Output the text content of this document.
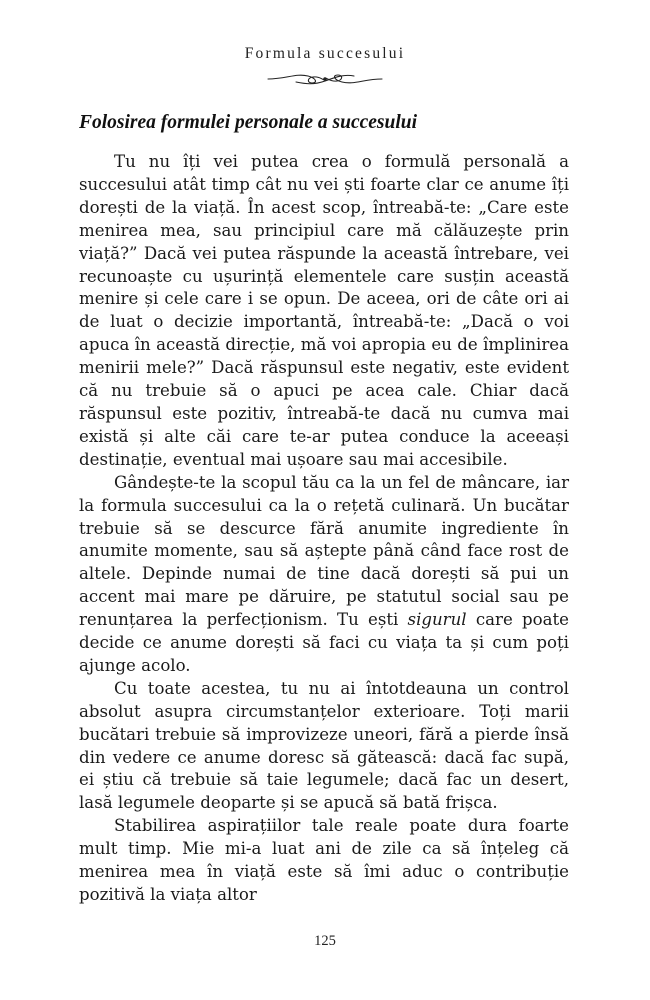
Formula succesului
Folosirea formulei personale a succesului

Tu nu îți vei putea crea o formulă personală a succesului atât timp cât nu vei ști foarte clar ce anume îți dorești de la viață. În acest scop, întreabă-te: „Care este menirea mea, sau principiul care mă călăuzește prin viață?” Dacă vei putea răspunde la această întrebare, vei recunoaște cu ușurință elementele care susțin această menire și cele care i se opun. De aceea, ori de câte ori ai de luat o decizie importantă, întreabă-te: „Dacă o voi apuca în această direcție, mă voi apropia eu de împlinirea menirii mele?” Dacă răspunsul este negativ, este evident că nu trebuie să o apuci pe acea cale. Chiar dacă răspunsul este pozitiv, întreabă-te dacă nu cumva mai există și alte căi care te-ar putea conduce la aceeași destinație, eventual mai ușoare sau mai accesibile.

Gândește-te la scopul tău ca la un fel de mâncare, iar la formula succesului ca la o rețetă culinară. Un bucătar trebuie să se descurce fără anumite ingrediente în anumite momente, sau să aștepte până când face rost de altele. Depinde numai de tine dacă dorești să pui un accent mai mare pe dăruire, pe statutul social sau pe renunțarea la perfecționism. Tu ești sigurul care poate decide ce anume dorești să faci cu viața ta și cum poți ajunge acolo.

Cu toate acestea, tu nu ai întotdeauna un control absolut asupra circumstanțelor exterioare. Toți marii bucătari trebuie să improvizeze uneori, fără a pierde însă din vedere ce anume doresc să gătească: dacă fac supă, ei știu că trebuie să taie legumele; dacă fac un desert, lasă legumele deoparte și se apucă să bată frișca.

Stabilirea aspirațiilor tale reale poate dura foarte mult timp. Mie mi-a luat ani de zile ca să înțeleg că menirea mea în viață este să îmi aduc o contribuție pozitivă la viața altor

125
